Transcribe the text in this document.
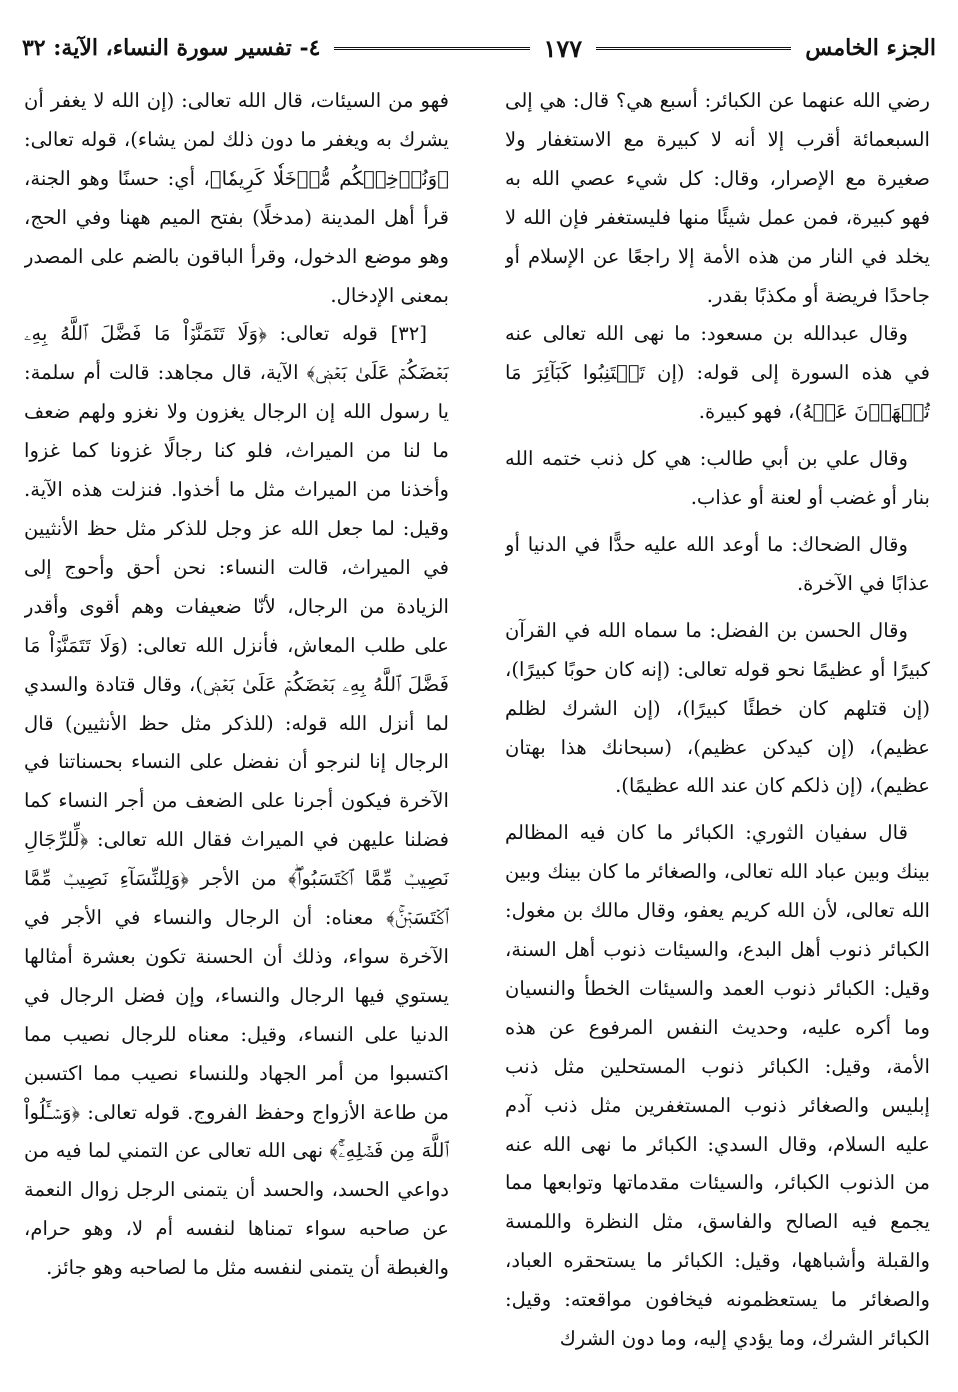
الجزء الخامس
١٧٧
٤- تفسير سورة النساء، الآية: ٣٢

رضي الله عنهما عن الكبائر: أسبع هي؟ قال: هي إلى السبعمائة أقرب إلا أنه لا كبيرة مع الاستغفار ولا صغيرة مع الإصرار، وقال: كل شيء عصي الله به فهو كبيرة، فمن عمل شيئًا منها فليستغفر فإن الله لا يخلد في النار من هذه الأمة إلا راجعًا عن الإسلام أو جاحدًا فريضة أو مكذبًا بقدر.

وقال عبدالله بن مسعود: ما نهى الله تعالى عنه في هذه السورة إلى قوله: (إن تَجۡتَنِبُوا كَبَآئِرَ مَا تُنۡهَوۡنَ عَنۡهُ)، فهو كبيرة.

وقال علي بن أبي طالب: هي كل ذنب ختمه الله بنار أو غضب أو لعنة أو عذاب.

وقال الضحاك: ما أوعد الله عليه حدًّا في الدنيا أو عذابًا في الآخرة.

وقال الحسن بن الفضل: ما سماه الله في القرآن كبيرًا أو عظيمًا نحو قوله تعالى: (إنه كان حوبًا كبيرًا)، (إن قتلهم كان خطئًا كبيرًا)، (إن الشرك لظلم عظيم)، (إن كيدكن عظيم)، (سبحانك هذا بهتان عظيم)، (إن ذلكم كان عند الله عظيمًا).

قال سفيان الثوري: الكبائر ما كان فيه المظالم بينك وبين عباد الله تعالى، والصغائر ما كان بينك وبين الله تعالى، لأن الله كريم يعفو، وقال مالك بن مغول: الكبائر ذنوب أهل البدع، والسيئات ذنوب أهل السنة، وقيل: الكبائر ذنوب العمد والسيئات الخطأ والنسيان وما أكره عليه، وحديث النفس المرفوع عن هذه الأمة، وقيل: الكبائر ذنوب المستحلين مثل ذنب إبليس والصغائر ذنوب المستغفرين مثل ذنب آدم عليه السلام، وقال السدي: الكبائر ما نهى الله عنه من الذنوب الكبائر، والسيئات مقدماتها وتوابعها مما يجمع فيه الصالح والفاسق، مثل النظرة واللمسة والقبلة وأشباهها، وقيل: الكبائر ما يستحقره العباد، والصغائر ما يستعظمونه فيخافون مواقعته: وقيل: الكبائر الشرك، وما يؤدي إليه، وما دون الشرك

فهو من السيئات، قال الله تعالى: (إن الله لا يغفر أن يشرك به ويغفر ما دون ذلك لمن يشاء)، قوله تعالى: ﴿وَنُدۡخِلۡكُم مُّدۡخَلٗا كَرِيمٗا﴾، أي: حسنًا وهو الجنة، قرأ أهل المدينة (مدخلًا) بفتح الميم ههنا وفي الحج، وهو موضع الدخول، وقرأ الباقون بالضم على المصدر بمعنى الإدخال.

[٣٢] قوله تعالى: ﴿وَلَا تَتَمَنَّوۡاْ مَا فَضَّلَ ٱللَّهُ بِهِۦ بَعۡضَكُمۡ عَلَىٰ بَعۡضٖ﴾ الآية، قال مجاهد: قالت أم سلمة: يا رسول الله إن الرجال يغزون ولا نغزو ولهم ضعف ما لنا من الميراث، فلو كنا رجالًا غزونا كما غزوا وأخذنا من الميراث مثل ما أخذوا. فنزلت هذه الآية. وقيل: لما جعل الله عز وجل للذكر مثل حظ الأنثيين في الميراث، قالت النساء: نحن أحق وأحوج إلى الزيادة من الرجال، لأنّا ضعيفات وهم أقوى وأقدر على طلب المعاش، فأنزل الله تعالى: (وَلَا تَتَمَنَّوۡاْ مَا فَضَّلَ ٱللَّهُ بِهِۦ بَعۡضَكُمۡ عَلَىٰ بَعۡضٖ)، وقال قتادة والسدي لما أنزل الله قوله: (للذكر مثل حظ الأنثيين) قال الرجال إنا لنرجو أن نفضل على النساء بحسناتنا في الآخرة فيكون أجرنا على الضعف من أجر النساء كما فضلنا عليهن في الميراث فقال الله تعالى: ﴿لِّلرِّجَالِ نَصِيبٞ مِّمَّا ٱكۡتَسَبُواْۖ﴾ من الأجر ﴿وَلِلنِّسَآءِ نَصِيبٞ مِّمَّا ٱكۡتَسَبۡنَۚ﴾ معناه: أن الرجال والنساء في الأجر في الآخرة سواء، وذلك أن الحسنة تكون بعشرة أمثالها يستوي فيها الرجال والنساء، وإن فضل الرجال في الدنيا على النساء، وقيل: معناه للرجال نصيب مما اكتسبوا من أمر الجهاد وللنساء نصيب مما اكتسبن من طاعة الأزواج وحفظ الفروج. قوله تعالى: ﴿وَسۡـَٔلُواْ ٱللَّهَ مِن فَضۡلِهِۦٓۚ﴾ نهى الله تعالى عن التمني لما فيه من دواعي الحسد، والحسد أن يتمنى الرجل زوال النعمة عن صاحبه سواء تمناها لنفسه أم لا، وهو حرام، والغبطة أن يتمنى لنفسه مثل ما لصاحبه وهو جائز.
